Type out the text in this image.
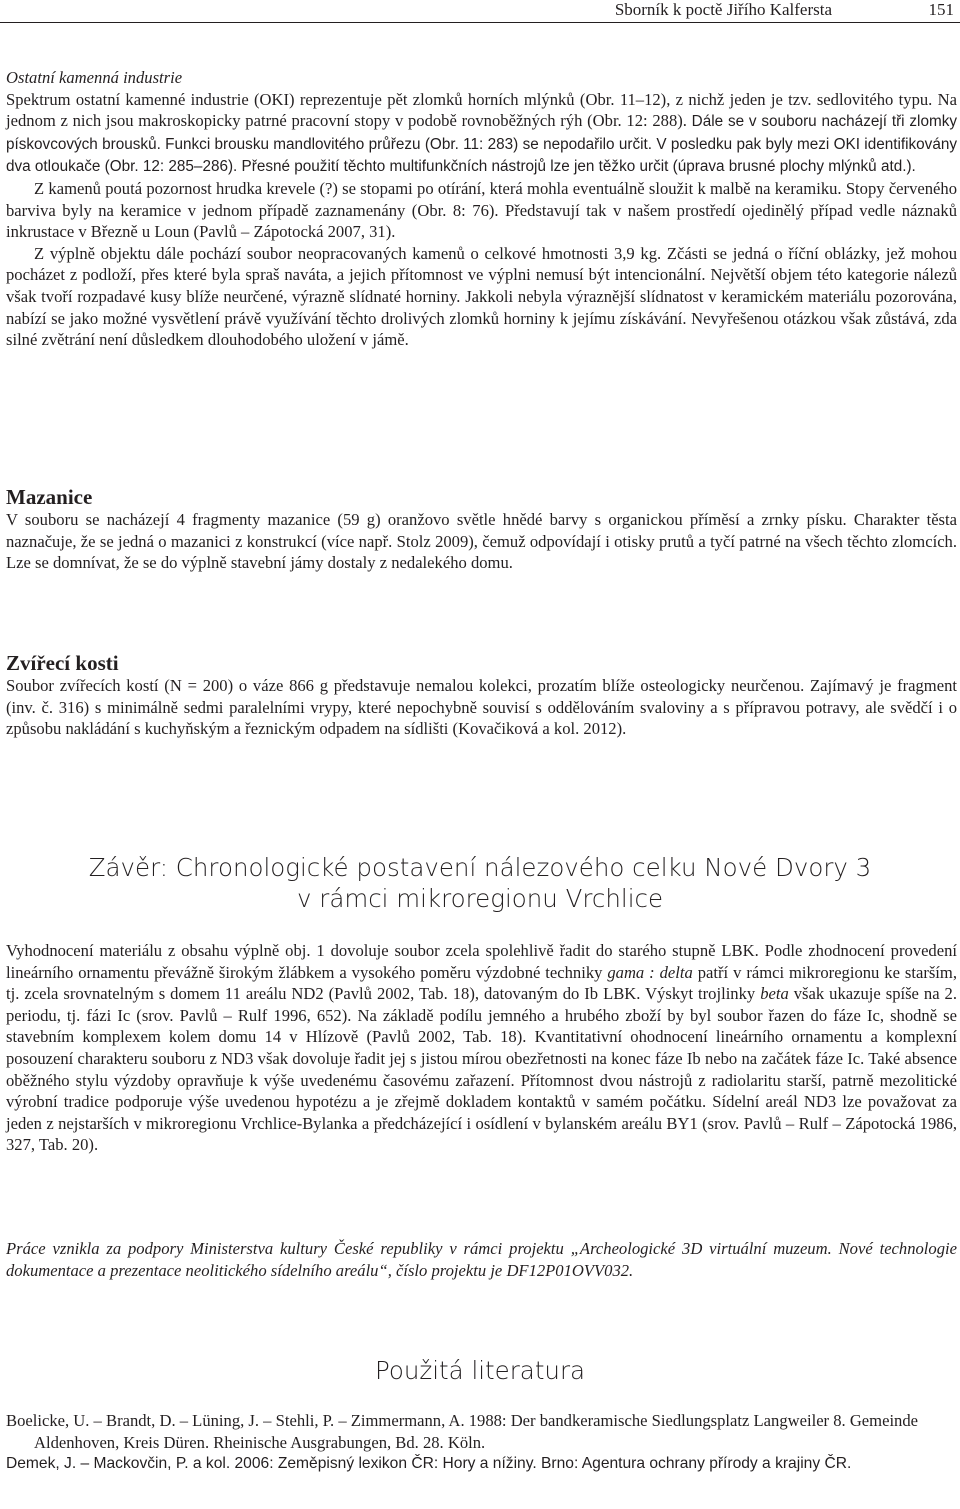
Sborník k poctě Jiřího Kalfersta	151
Ostatní kamenná industrie

Spektrum ostatní kamenné industrie (OKI) reprezentuje pět zlomků horních mlýnků (Obr. 11–12), z nichž jeden je tzv. sedlovitého typu. Na jednom z nich jsou makroskopicky patrné pracovní stopy v podobě rovnoběžných rýh (Obr. 12: 288). Dále se v souboru nacházejí tři zlomky pískovcových brousků. Funkci brousku mandlovitého průřezu (Obr. 11: 283) se nepodařilo určit. V posledku pak byly mezi OKI identifikovány dva otloukače (Obr. 12: 285–286). Přesné použití těchto multifunkčních nástrojů lze jen těžko určit (úprava brusné plochy mlýnků atd.).

Z kamenů poutá pozornost hrudka krevele (?) se stopami po otírání, která mohla eventuálně sloužit k malbě na keramiku. Stopy červeného barviva byly na keramice v jednom případě zaznamenány (Obr. 8: 76). Představují tak v našem prostředí ojedinělý případ vedle náznaků inkrustace v Březně u Loun (Pavlů – Zápotocká 2007, 31).

Z výplně objektu dále pochází soubor neopracovaných kamenů o celkové hmotnosti 3,9 kg. Zčásti se jedná o říční oblázky, jež mohou pocházet z podloží, přes které byla spraš naváta, a jejich přítomnost ve výplni nemusí být intencionální. Největší objem této kategorie nálezů však tvoří rozpadavé kusy blíže neurčené, výrazně slídnaté horniny. Jakkoli nebyla výraznější slídnatost v keramickém materiálu pozorována, nabízí se jako možné vysvětlení právě využívání těchto drolivých zlomků horniny k jejímu získávání. Nevyřešenou otázkou však zůstává, zda silné zvětrání není důsledkem dlouhodobého uložení v jámě.

Mazanice

V souboru se nacházejí 4 fragmenty mazanice (59 g) oranžovo světle hnědé barvy s organickou příměsí a zrnky písku. Charakter těsta naznačuje, že se jedná o mazanici z konstrukcí (více např. Stolz 2009), čemuž odpovídají i otisky prutů a tyčí patrné na všech těchto zlomcích. Lze se domnívat, že se do výplně stavební jámy dostaly z nedalekého domu.

Zvířecí kosti

Soubor zvířecích kostí (N = 200) o váze 866 g představuje nemalou kolekci, prozatím blíže osteologicky neurčenou. Zajímavý je fragment (inv. č. 316) s minimálně sedmi paralelními vrypy, které nepochybně souvisí s oddělováním svaloviny a s přípravou potravy, ale svědčí i o způsobu nakládání s kuchyňským a řeznickým odpadem na sídlišti (Kovačiková a kol. 2012).

Závěr: Chronologické postavení nálezového celku Nové Dvory 3
v rámci mikroregionu Vrchlice

Vyhodnocení materiálu z obsahu výplně obj. 1 dovoluje soubor zcela spolehlivě řadit do starého stupně LBK. Podle zhodnocení provedení lineárního ornamentu převážně širokým žlábkem a vysokého poměru výzdobné techniky gama : delta patří v rámci mikroregionu ke starším, tj. zcela srovnatelným s domem 11 areálu ND2 (Pavlů 2002, Tab. 18), datovaným do Ib LBK. Výskyt trojlinky beta však ukazuje spíše na 2. periodu, tj. fázi Ic (srov. Pavlů – Rulf 1996, 652). Na základě podílu jemného a hrubého zboží by byl soubor řazen do fáze Ic, shodně se stavebním komplexem kolem domu 14 v Hlízově (Pavlů 2002, Tab. 18). Kvantitativní ohodnocení lineárního ornamentu a komplexní posouzení charakteru souboru z ND3 však dovoluje řadit jej s jistou mírou obezřetnosti na konec fáze Ib nebo na začátek fáze Ic. Také absence oběžného stylu výzdoby opravňuje k výše uvedenému časovému zařazení. Přítomnost dvou nástrojů z radiolaritu starší, patrně mezolitické výrobní tradice podporuje výše uvedenou hypotézu a je zřejmě dokladem kontaktů v samém počátku. Sídelní areál ND3 lze považovat za jeden z nejstarších v mikroregionu Vrchlice-Bylanka a předcházející i osídlení v bylanském areálu BY1 (srov. Pavlů – Rulf – Zápotocká 1986, 327, Tab. 20).

Práce vznikla za podpory Ministerstva kultury České republiky v rámci projektu „Archeologické 3D virtuální muzeum. Nové technologie dokumentace a prezentace neolitického sídelního areálu“, číslo projektu je DF12P01OVV032.

Použitá literatura

Boelicke, U. – Brandt, D. – Lüning, J. – Stehli, P. – Zimmermann, A. 1988: Der bandkeramische Siedlungsplatz Langweiler 8. Gemeinde Aldenhoven, Kreis Düren. Rheinische Ausgrabungen, Bd. 28. Köln.

Demek, J. – Mackovčin, P. a kol. 2006: Zeměpisný lexikon ČR: Hory a nížiny. Brno: Agentura ochrany přírody a krajiny ČR.
